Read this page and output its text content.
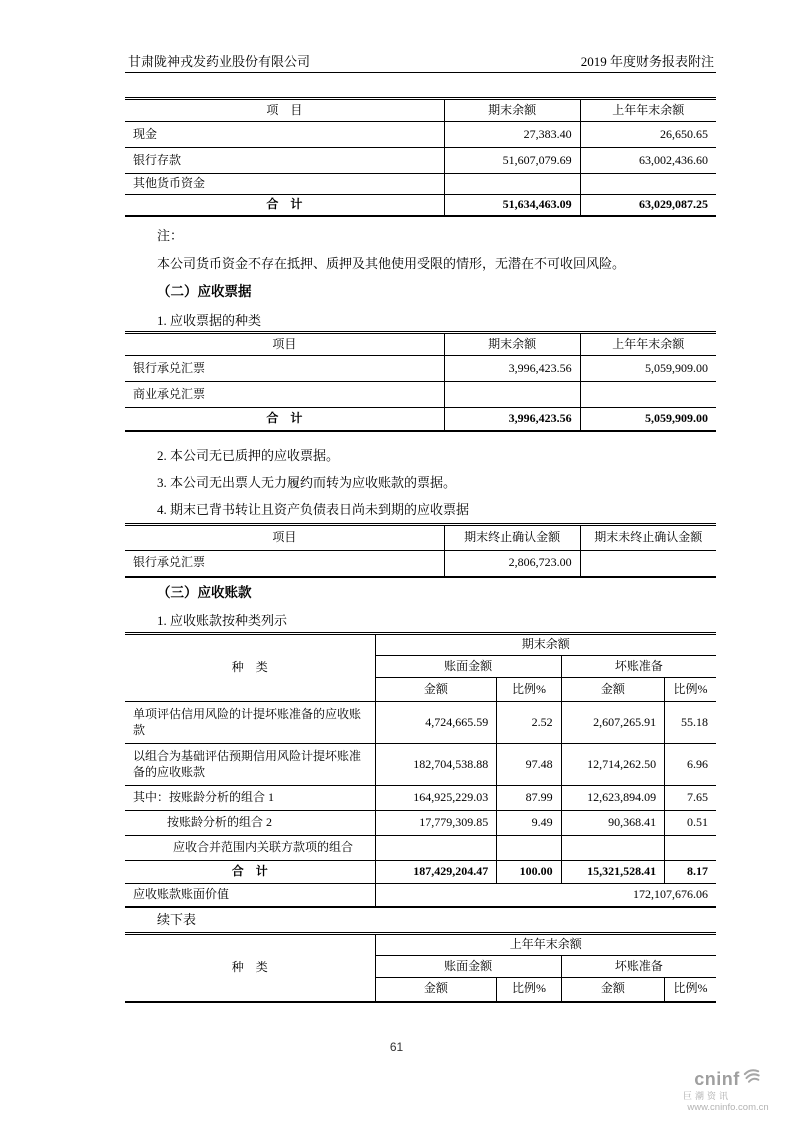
甘肃陇神戎发药业股份有限公司	2019 年度财务报表附注
项　目	期末余额	上年年末余额
现金	27,383.40	26,650.65
银行存款	51,607,079.69	63,002,436.60
其他货币资金		
合　计	51,634,463.09	63,029,087.25
注：
本公司货币资金不存在抵押、质押及其他使用受限的情形，无潜在不可收回风险。
（二）应收票据
1. 应收票据的种类
项目	期末余额	上年年末余额
银行承兑汇票	3,996,423.56	5,059,909.00
商业承兑汇票		
合　计	3,996,423.56	5,059,909.00
2. 本公司无已质押的应收票据。
3. 本公司无出票人无力履约而转为应收账款的票据。
4. 期末已背书转让且资产负债表日尚未到期的应收票据
项目	期末终止确认金额	期末未终止确认金额
银行承兑汇票	2,806,723.00	
（三）应收账款
1. 应收账款按种类列示
种　类	期末余额			
	账面金额		坏账准备	
	金额	比例%	金额	比例%
单项评估信用风险的计提坏账准备的应收账款	4,724,665.59	2.52	2,607,265.91	55.18
以组合为基础评估预期信用风险计提坏账准备的应收账款	182,704,538.88	97.48	12,714,262.50	6.96
其中：按账龄分析的组合 1	164,925,229.03	87.99	12,623,894.09	7.65
按账龄分析的组合 2	17,779,309.85	9.49	90,368.41	0.51
应收合并范围内关联方款项的组合				
合　计	187,429,204.47	100.00	15,321,528.41	8.17
应收账款账面价值	172,107,676.06			
续下表
种　类	上年年末余额			
	账面金额		坏账准备	
	金额	比例%	金额	比例%
61
cninf
巨潮资讯
www.cninfo.com.cn
